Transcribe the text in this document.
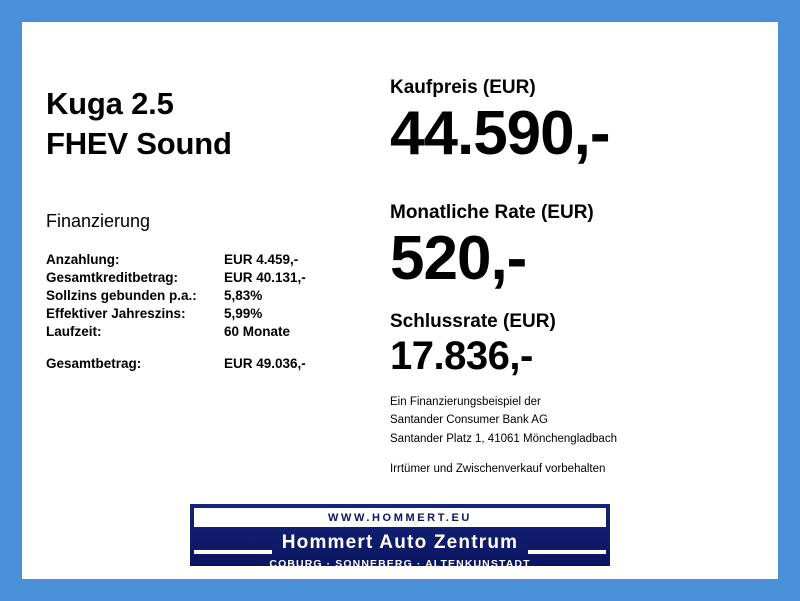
Kuga 2.5
FHEV Sound
Finanzierung
Anzahlung:	EUR 4.459,-
Gesamtkreditbetrag:	EUR 40.131,-
Sollzins gebunden p.a.:	5,83%
Effektiver Jahreszins:	5,99%
Laufzeit:	60 Monate

Gesamtbetrag:	EUR 49.036,-
Kaufpreis (EUR)
44.590,-
Monatliche Rate (EUR)
520,-
Schlussrate (EUR)
17.836,-
Ein Finanzierungsbeispiel der
Santander Consumer Bank AG
Santander Platz 1, 41061 Mönchengladbach
Irrtümer und Zwischenverkauf vorbehalten
WWW.HOMMERT.EU
Hommert Auto Zentrum
COBURG · SONNEBERG · ALTENKUNSTADT
